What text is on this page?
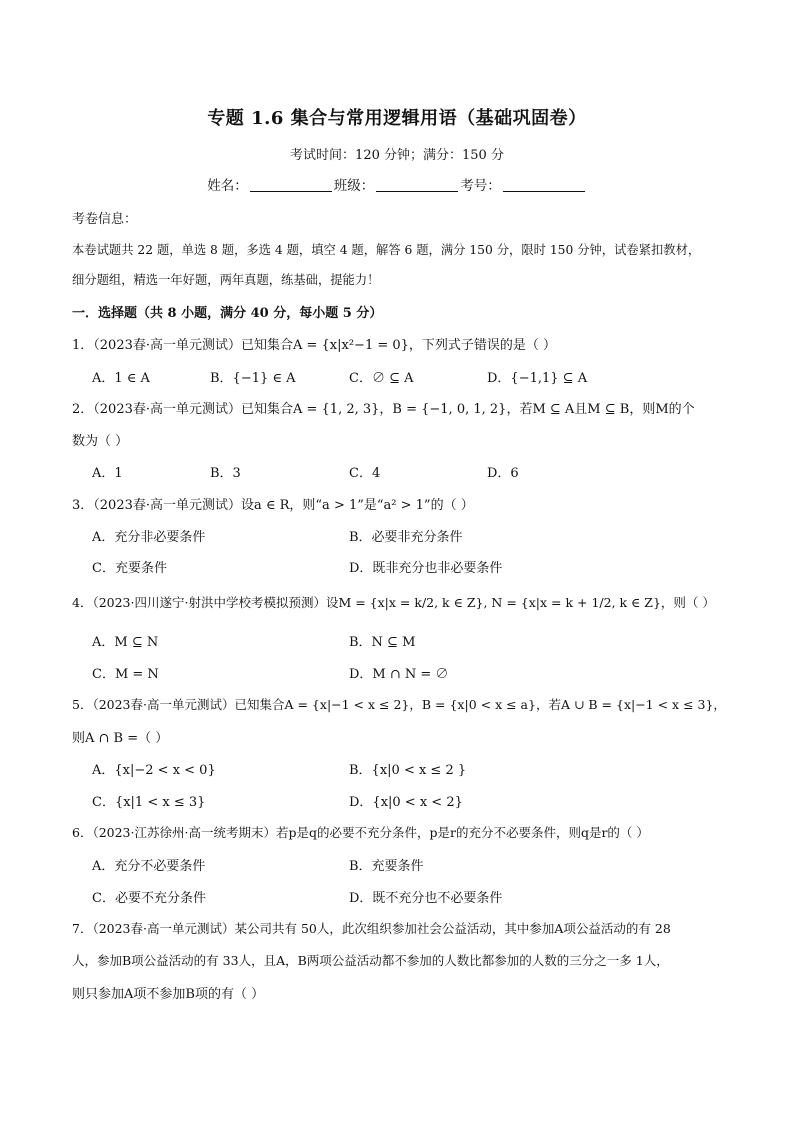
专题 1.6 集合与常用逻辑用语（基础巩固卷）
考试时间：120 分钟；满分：150 分
姓名：	班级：	考号：
考卷信息：
本卷试题共 22 题，单选 8 题，多选 4 题，填空 4 题，解答 6 题，满分 150 分，限时 150 分钟，试卷紧扣教材，
细分题组，精选一年好题，两年真题，练基础，提能力！
一．选择题（共 8 小题，满分 40 分，每小题 5 分）
1．（2023春·高一单元测试）已知集合A = {x|x²−1 = 0}，下列式子错误的是（ ）
A．1 ∈ A	B．{−1} ∈ A	C．∅ ⊆ A	D．{−1,1} ⊆ A
2．（2023春·高一单元测试）已知集合A = {1, 2, 3}，B = {−1, 0, 1, 2}，若M ⊆ A且M ⊆ B，则M的个
数为（ ）
A．1	B．3	C．4	D．6
3．（2023春·高一单元测试）设a ∈ R，则“a > 1”是“a² > 1”的（ ）
A．充分非必要条件	B．必要非充分条件
C．充要条件	D．既非充分也非必要条件
4．（2023·四川遂宁·射洪中学校考模拟预测）设M = {x|x = k/2, k ∈ Z}, N = {x|x = k + 1/2, k ∈ Z}，则（ ）
A．M ⊆ N	B．N ⊆ M
C．M = N	D．M ∩ N = ∅
5．（2023春·高一单元测试）已知集合A = {x|−1 < x ≤ 2}，B = {x|0 < x ≤ a}，若A ∪ B = {x|−1 < x ≤ 3}，
则A ∩ B =（ ）
A．{x|−2 < x < 0}	B．{x|0 < x ≤ 2 }
C．{x|1 < x ≤ 3}	D．{x|0 < x < 2}
6．（2023·江苏徐州·高一统考期末）若p是q的必要不充分条件，p是r的充分不必要条件，则q是r的（ ）
A．充分不必要条件	B．充要条件
C．必要不充分条件	D．既不充分也不必要条件
7．（2023春·高一单元测试）某公司共有 50人，此次组织参加社会公益活动，其中参加A项公益活动的有 28
人，参加B项公益活动的有 33人，且A，B两项公益活动都不参加的人数比都参加的人数的三分之一多 1人，
则只参加A项不参加B项的有（ ）
